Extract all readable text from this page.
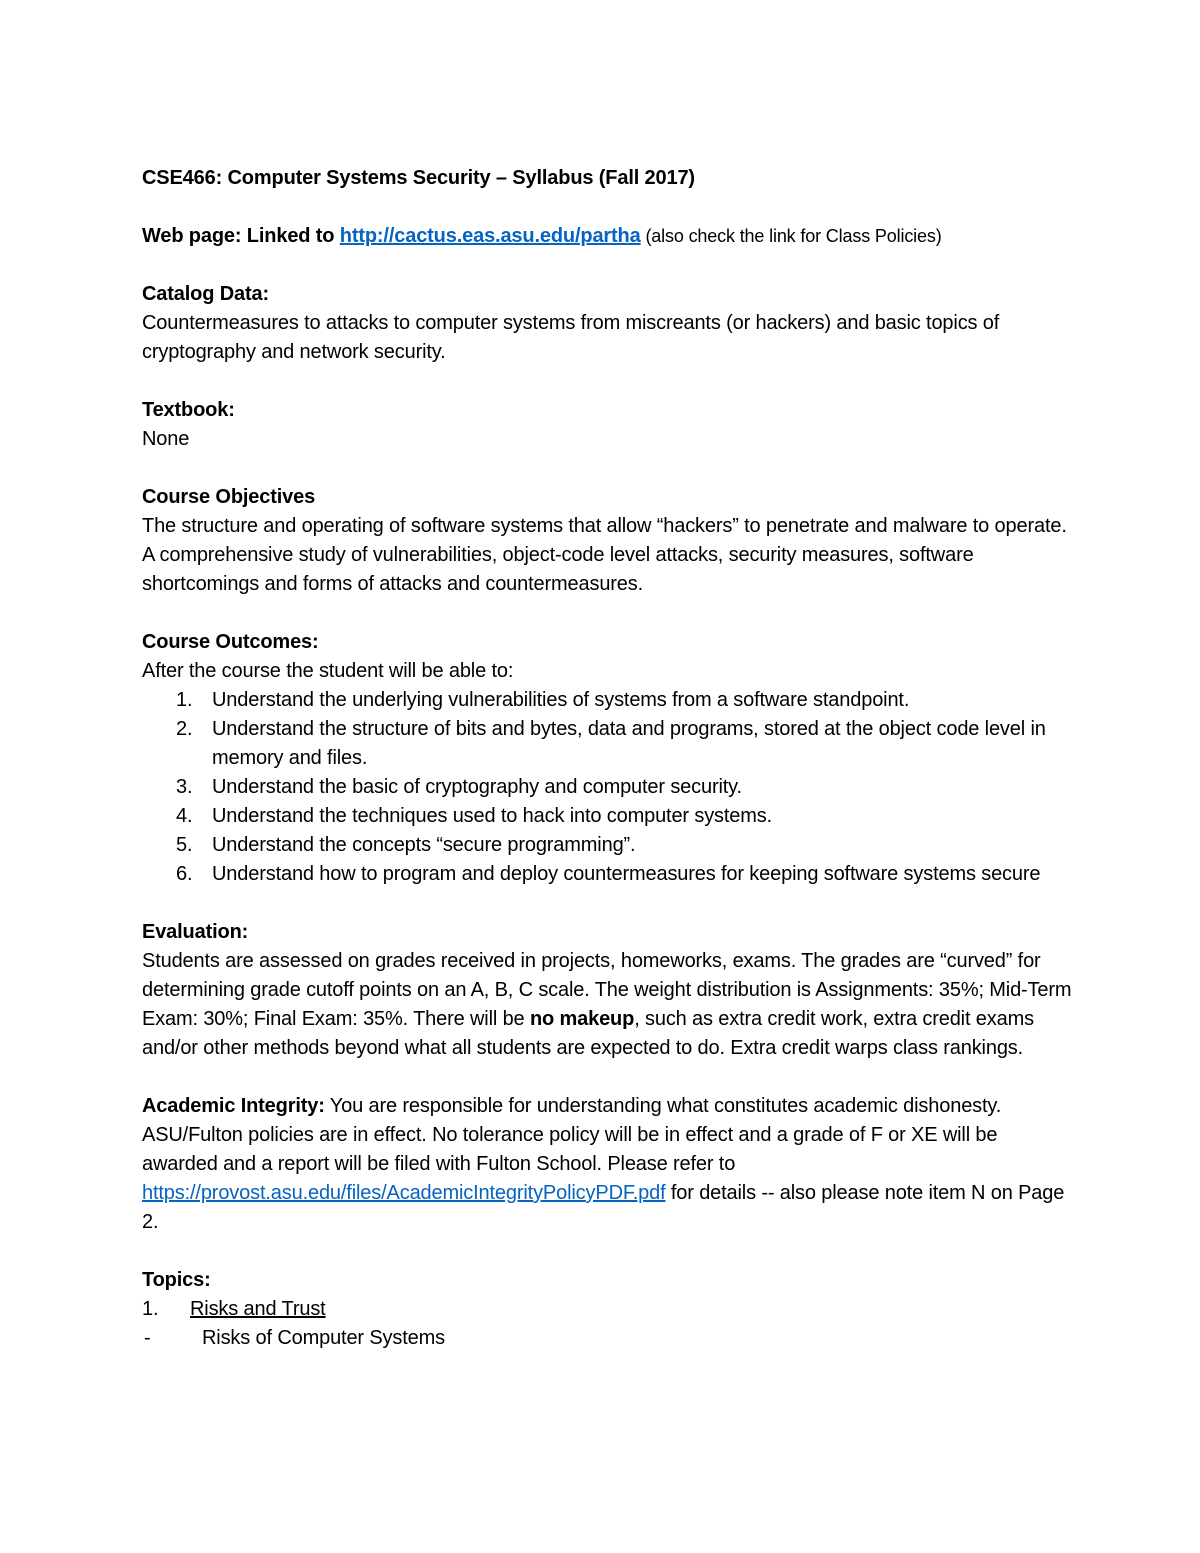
CSE466: Computer Systems Security – Syllabus (Fall 2017)

Web page: Linked to http://cactus.eas.asu.edu/partha (also check the link for Class Policies)

Catalog Data:

Countermeasures to attacks to computer systems from miscreants (or hackers) and basic topics of cryptography and network security.

Textbook:

None

Course Objectives

The structure and operating of software systems that allow “hackers” to penetrate and malware to operate. A comprehensive study of vulnerabilities, object-code level attacks, security measures, software shortcomings and forms of attacks and countermeasures.

Course Outcomes:

After the course the student will be able to:

1. Understand the underlying vulnerabilities of systems from a software standpoint.
2. Understand the structure of bits and bytes, data and programs, stored at the object code level in memory and files.
3. Understand the basic of cryptography and computer security.
4. Understand the techniques used to hack into computer systems.
5. Understand the concepts “secure programming”.
6. Understand how to program and deploy countermeasures for keeping software systems secure

Evaluation:

Students are assessed on grades received in projects, homeworks, exams. The grades are “curved” for determining grade cutoff points on an A, B, C scale. The weight distribution is Assignments: 35%; Mid-Term Exam: 30%; Final Exam: 35%. There will be no makeup, such as extra credit work, extra credit exams and/or other methods beyond what all students are expected to do. Extra credit warps class rankings.

Academic Integrity: You are responsible for understanding what constitutes academic dishonesty. ASU/Fulton policies are in effect. No tolerance policy will be in effect and a grade of F or XE will be awarded and a report will be filed with Fulton School. Please refer to https://provost.asu.edu/files/AcademicIntegrityPolicyPDF.pdf for details -- also please note item N on Page 2.

Topics:

1. Risks and Trust
-	Risks of Computer Systems
